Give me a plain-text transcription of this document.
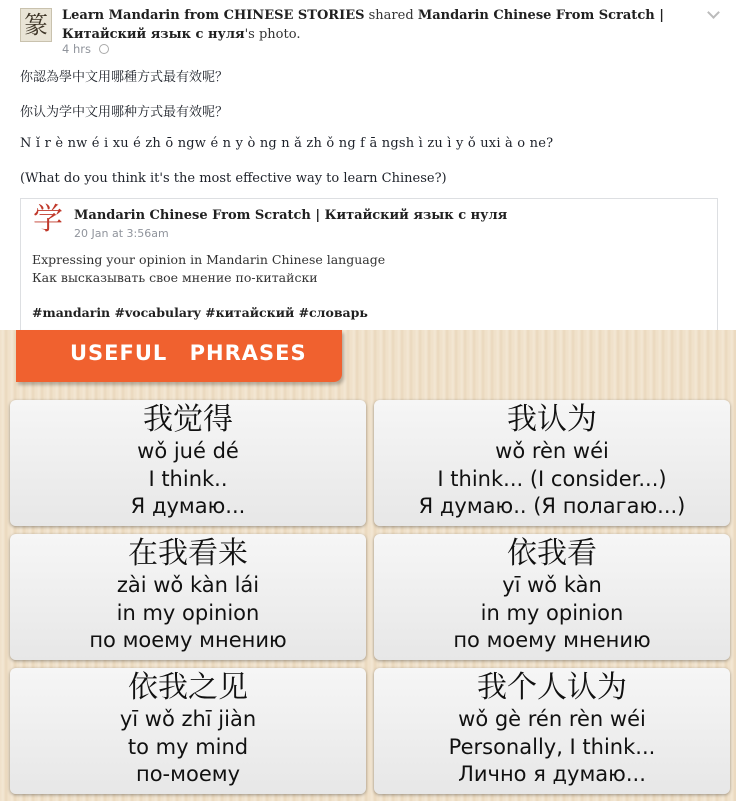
篆 Learn Mandarin from CHINESE STORIES shared Mandarin Chinese From Scratch | Китайский язык с нуля's photo.
4 hrs
你認為學中文用哪種方式最有效呢？
你认为学中文用哪种方式最有效呢？
N ǐ r è nw é i xu é zh ō ngw é n y ò ng n ǎ zh ǒ ng f ā ngsh ì zu ì y ǒ uxi à o ne?
(What do you think it's the most effective way to learn Chinese?)
学 Mandarin Chinese From Scratch | Китайский язык с нуля
20 Jan at 3:56am
Expressing your opinion in Mandarin Chinese language
Как высказывать свое мнение по-китайски
#mandarin #vocabulary #китайский #словарь
USEFUL PHRASES
我觉得
wǒ jué dé
I think..
Я думаю...
我认为
wǒ rèn wéi
I think... (I consider...)
Я думаю.. (Я полагаю...)
在我看来
zài wǒ kàn lái
in my opinion
по моему мнению
依我看
yī wǒ kàn
in my opinion
по моему мнению
依我之见
yī wǒ zhī jiàn
to my mind
по-моему
我个人认为
wǒ gè rén rèn wéi
Personally, I think...
Лично я думаю...
